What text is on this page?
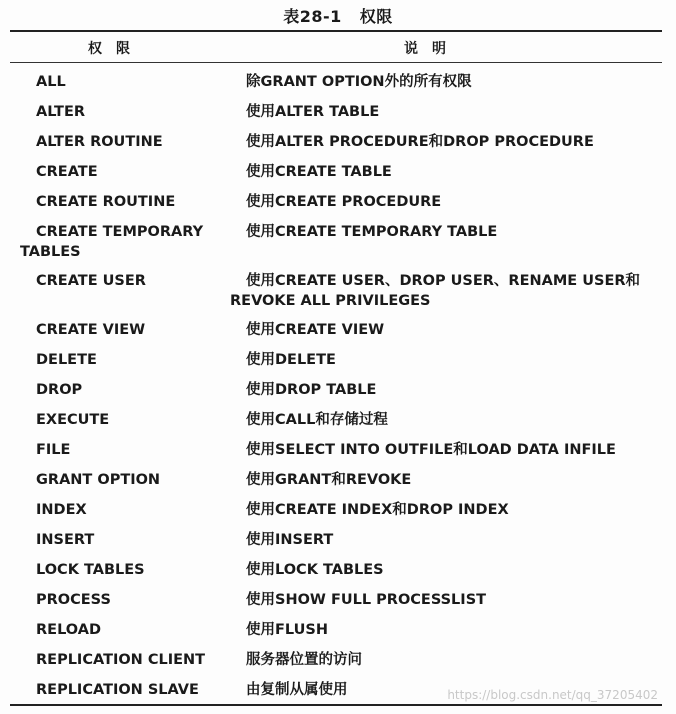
表28-1 权限
权限	说明
ALL	除GRANT OPTION外的所有权限
ALTER	使用ALTER TABLE
ALTER ROUTINE	使用ALTER PROCEDURE和DROP PROCEDURE
CREATE	使用CREATE TABLE
CREATE ROUTINE	使用CREATE PROCEDURE
CREATE TEMPORARY	使用CREATE TEMPORARY TABLE
TABLES
CREATE USER	使用CREATE USER、DROP USER、RENAME USER和
REVOKE ALL PRIVILEGES
CREATE VIEW	使用CREATE VIEW
DELETE	使用DELETE
DROP	使用DROP TABLE
EXECUTE	使用CALL和存储过程
FILE	使用SELECT INTO OUTFILE和LOAD DATA INFILE
GRANT OPTION	使用GRANT和REVOKE
INDEX	使用CREATE INDEX和DROP INDEX
INSERT	使用INSERT
LOCK TABLES	使用LOCK TABLES
PROCESS	使用SHOW FULL PROCESSLIST
RELOAD	使用FLUSH
REPLICATION CLIENT	服务器位置的访问
REPLICATION SLAVE	由复制从属使用	https://blog.csdn.net/qq_37205402
